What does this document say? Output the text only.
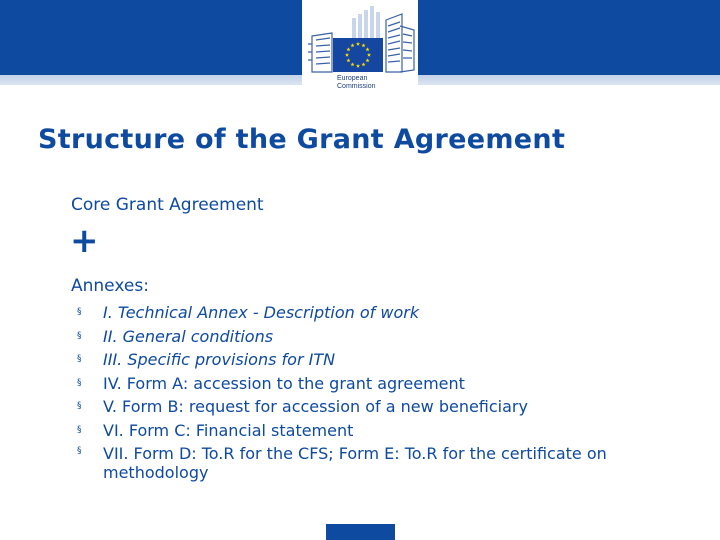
European
Commission
Structure of the Grant Agreement
Core Grant Agreement
+
Annexes:
§ I. Technical Annex - Description of work
§ II. General conditions
§ III. Specific provisions for ITN
§ IV. Form A: accession to the grant agreement
§ V. Form B: request for accession of a new beneficiary
§ VI. Form C: Financial statement
§ VII. Form D: To.R for the CFS; Form E: To.R for the certificate on methodology
